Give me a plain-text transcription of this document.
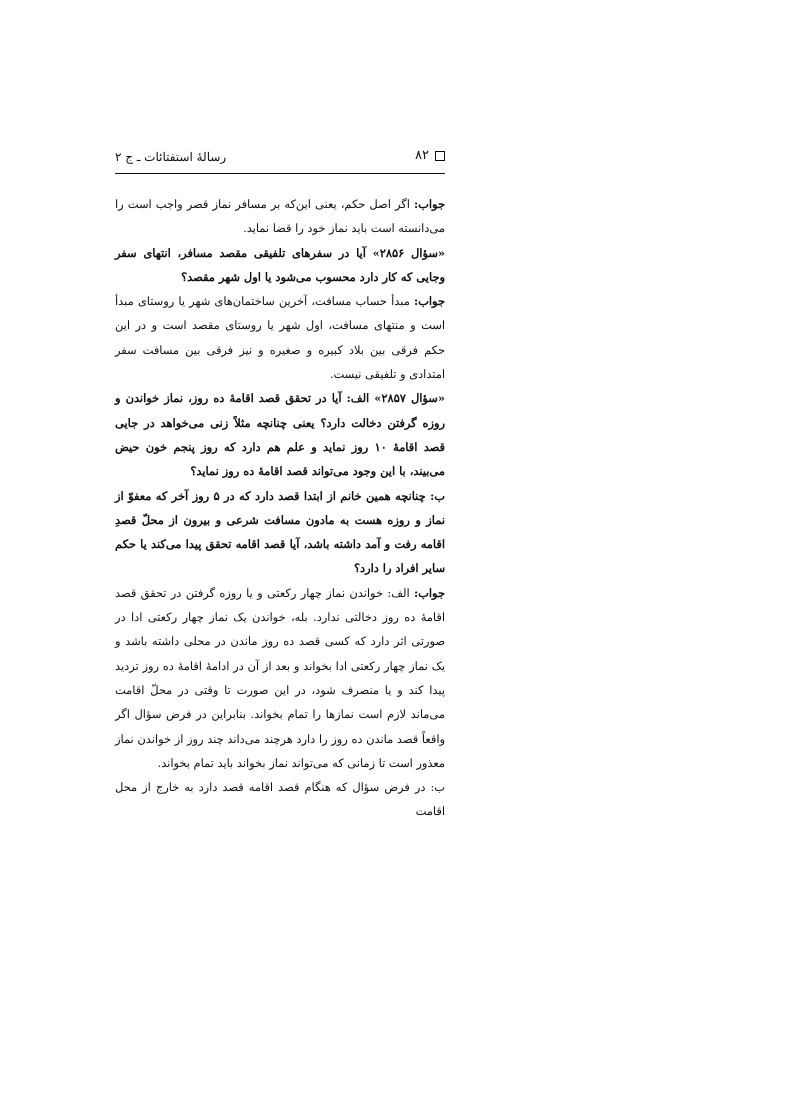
۸۲
رسالهٔ استفتائات ـ ج ۲

جواب: اگر اصل حکم، یعنی این‌که بر مسافر نماز قصر واجب است را می‌دانسته است باید نماز خود را قضا نماید.

«سؤال ۲۸۵۶» آیا در سفرهای تلفیقی مقصد مسافر، انتهای سفر وجایی که کار دارد محسوب می‌شود یا اول شهر مقصد؟

جواب: مبدأ حساب مسافت، آخرین ساختمان‌های شهر یا روستای مبدأ است و منتهای مسافت، اول شهر یا روستای مقصد است و در این حکم فرقی بین بلاد کبیره و صغیره و نیز فرقی بین مسافت سفر امتدادی و تلفیقی نیست.

«سؤال ۲۸۵۷» الف: آیا در تحقق قصد اقامهٔ ده روز، نماز خواندن و روزه گرفتن دخالت دارد؟ یعنی چنانچه مثلاً زنی می‌خواهد در جایی قصد اقامهٔ ۱۰ روز نماید و علم هم دارد که روز پنجم خون حیض می‌بیند، با این وجود می‌تواند قصد اقامهٔ ده روز نماید؟

ب: چنانچه همین خانم از ابتدا قصد دارد که در ۵ روز آخر که معفوّ از نماز و روزه هست به مادون مسافت شرعی و بیرون از محلّ قصدِ اقامه رفت و آمد داشته باشد، آیا قصد اقامه تحقق پیدا می‌کند یا حکم سایر افراد را دارد؟

جواب: الف: خواندن نماز چهار رکعتی و یا روزه گرفتن در تحقق قصد اقامهٔ ده روز دخالتی ندارد. بله، خواندن یک نماز چهار رکعتی ادا در صورتی اثر دارد که کسی قصد ده روز ماندن در محلی داشته باشد و یک نماز چهار رکعتی ادا بخواند و بعد از آن در ادامهٔ اقامهٔ ده روز تردید پیدا کند و یا منصرف شود، در این صورت تا وقتی در محلّ اقامت می‌ماند لازم است نمازها را تمام بخواند. بنابراین در فرض سؤال اگر واقعاً قصد ماندن ده روز را دارد هرچند می‌داند چند روز از خواندن نماز معذور است تا زمانی که می‌تواند نماز بخواند باید تمام بخواند.

ب: در فرض سؤال که هنگام قصد اقامه قصد دارد به خارج از محل اقامت
